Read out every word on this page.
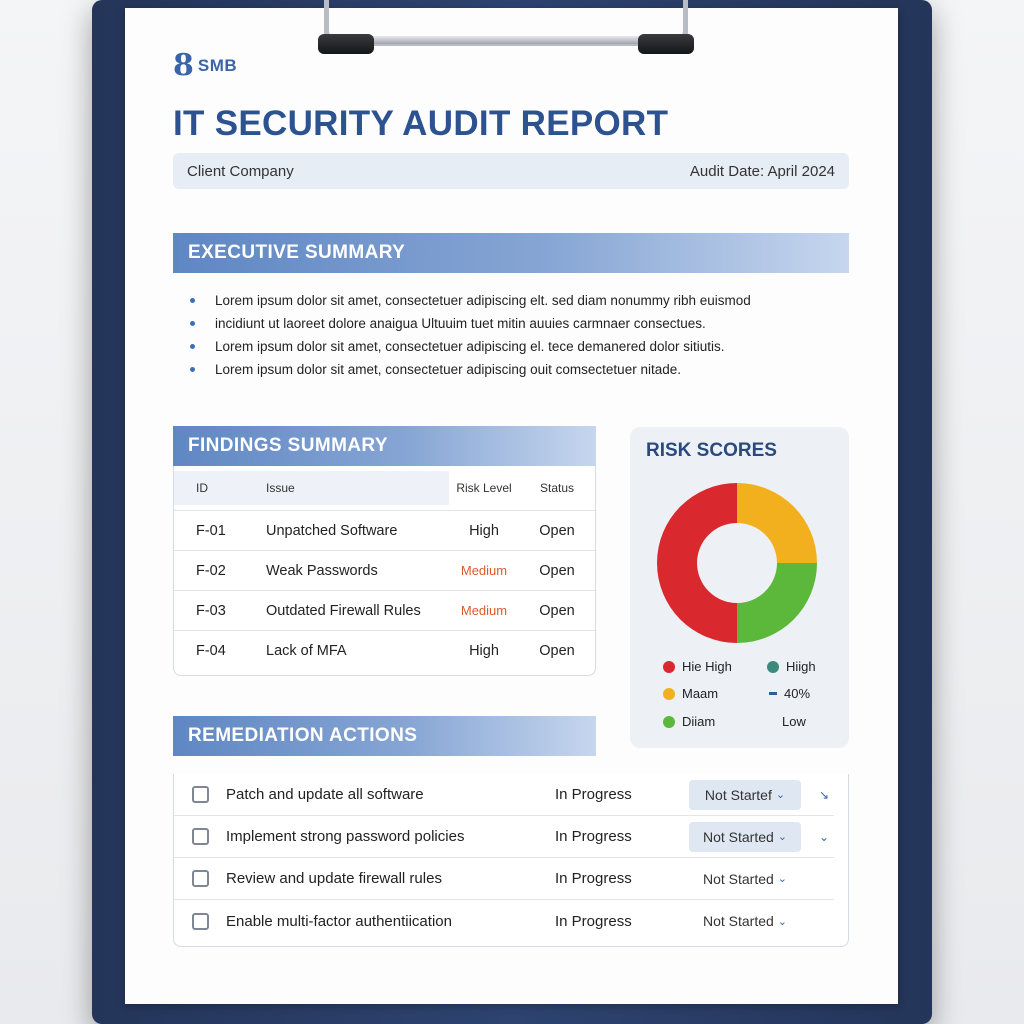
8 SMB
IT SECURITY AUDIT REPORT
Client Company	Audit Date: April 2024
EXECUTIVE SUMMARY
Lorem ipsum dolor sit amet, consectetuer adipiscing elt. sed diam nonummy ribh euismod
incidiunt ut laoreet dolore anaigua Ultuuim tuet mitin auuies carmnaer consectues.
Lorem ipsum dolor sit amet, consectetuer adipiscing el. tece demanered dolor sitiutis.
Lorem ipsum dolor sit amet, consectetuer adipiscing ouit comsectetuer nitade.
FINDINGS SUMMARY
ID	Issue	Risk Level	Status
F-01	Unpatched Software	High	Open
F-02	Weak Passwords	Medium	Open
F-03	Outdated Firewall Rules	Medium	Open
F-04	Lack of MFA	High	Open
RISK SCORES
Hie High	Hiigh
Maam	40%
Diiam	Low
REMEDIATION ACTIONS
Patch and update all software	In Progress	Not Startef ⌄	↘
Implement strong password policies	In Progress	Not Started ⌄	⌄
Review and update firewall rules	In Progress	Not Started ⌄
Enable multi-factor authentiication	In Progress	Not Started ⌄
